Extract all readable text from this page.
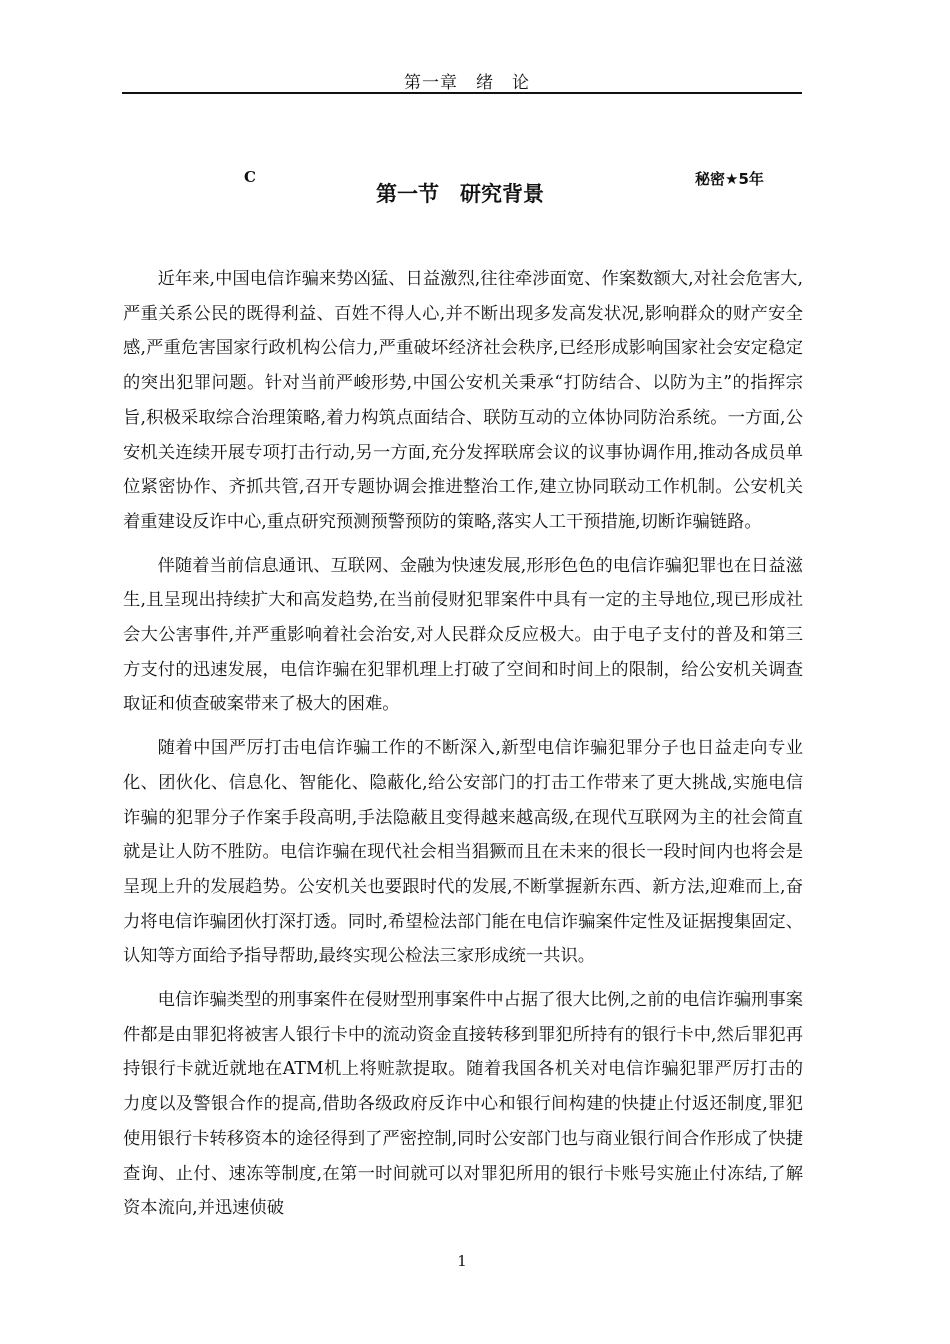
第一章　绪　论
C	秘密★5年
第一节　研究背景

近年来,中国电信诈骗来势凶猛、日益激烈,往往牵涉面宽、作案数额大,对社会危害大,严重关系公民的既得利益、百姓不得人心,并不断出现多发高发状况,影响群众的财产安全感,严重危害国家行政机构公信力,严重破坏经济社会秩序,已经形成影响国家社会安定稳定的突出犯罪问题。针对当前严峻形势,中国公安机关秉承“打防结合、以防为主”的指挥宗旨,积极采取综合治理策略,着力构筑点面结合、联防互动的立体协同防治系统。一方面,公安机关连续开展专项打击行动,另一方面,充分发挥联席会议的议事协调作用,推动各成员单位紧密协作、齐抓共管,召开专题协调会推进整治工作,建立协同联动工作机制。公安机关着重建设反诈中心,重点研究预测预警预防的策略,落实人工干预措施,切断诈骗链路。

伴随着当前信息通讯、互联网、金融为快速发展,形形色色的电信诈骗犯罪也在日益滋生,且呈现出持续扩大和高发趋势,在当前侵财犯罪案件中具有一定的主导地位,现已形成社会大公害事件,并严重影响着社会治安,对人民群众反应极大。由于电子支付的普及和第三方支付的迅速发展，电信诈骗在犯罪机理上打破了空间和时间上的限制，给公安机关调查取证和侦查破案带来了极大的困难。

随着中国严厉打击电信诈骗工作的不断深入,新型电信诈骗犯罪分子也日益走向专业化、团伙化、信息化、智能化、隐蔽化,给公安部门的打击工作带来了更大挑战,实施电信诈骗的犯罪分子作案手段高明,手法隐蔽且变得越来越高级,在现代互联网为主的社会简直就是让人防不胜防。电信诈骗在现代社会相当猖獗而且在未来的很长一段时间内也将会是呈现上升的发展趋势。公安机关也要跟时代的发展,不断掌握新东西、新方法,迎难而上,奋力将电信诈骗团伙打深打透。同时,希望检法部门能在电信诈骗案件定性及证据搜集固定、认知等方面给予指导帮助,最终实现公检法三家形成统一共识。

电信诈骗类型的刑事案件在侵财型刑事案件中占据了很大比例,之前的电信诈骗刑事案件都是由罪犯将被害人银行卡中的流动资金直接转移到罪犯所持有的银行卡中,然后罪犯再持银行卡就近就地在ATM机上将赃款提取。随着我国各机关对电信诈骗犯罪严厉打击的力度以及警银合作的提高,借助各级政府反诈中心和银行间构建的快捷止付返还制度,罪犯使用银行卡转移资本的途径得到了严密控制,同时公安部门也与商业银行间合作形成了快捷查询、止付、速冻等制度,在第一时间就可以对罪犯所用的银行卡账号实施止付冻结,了解资本流向,并迅速侦破

1
